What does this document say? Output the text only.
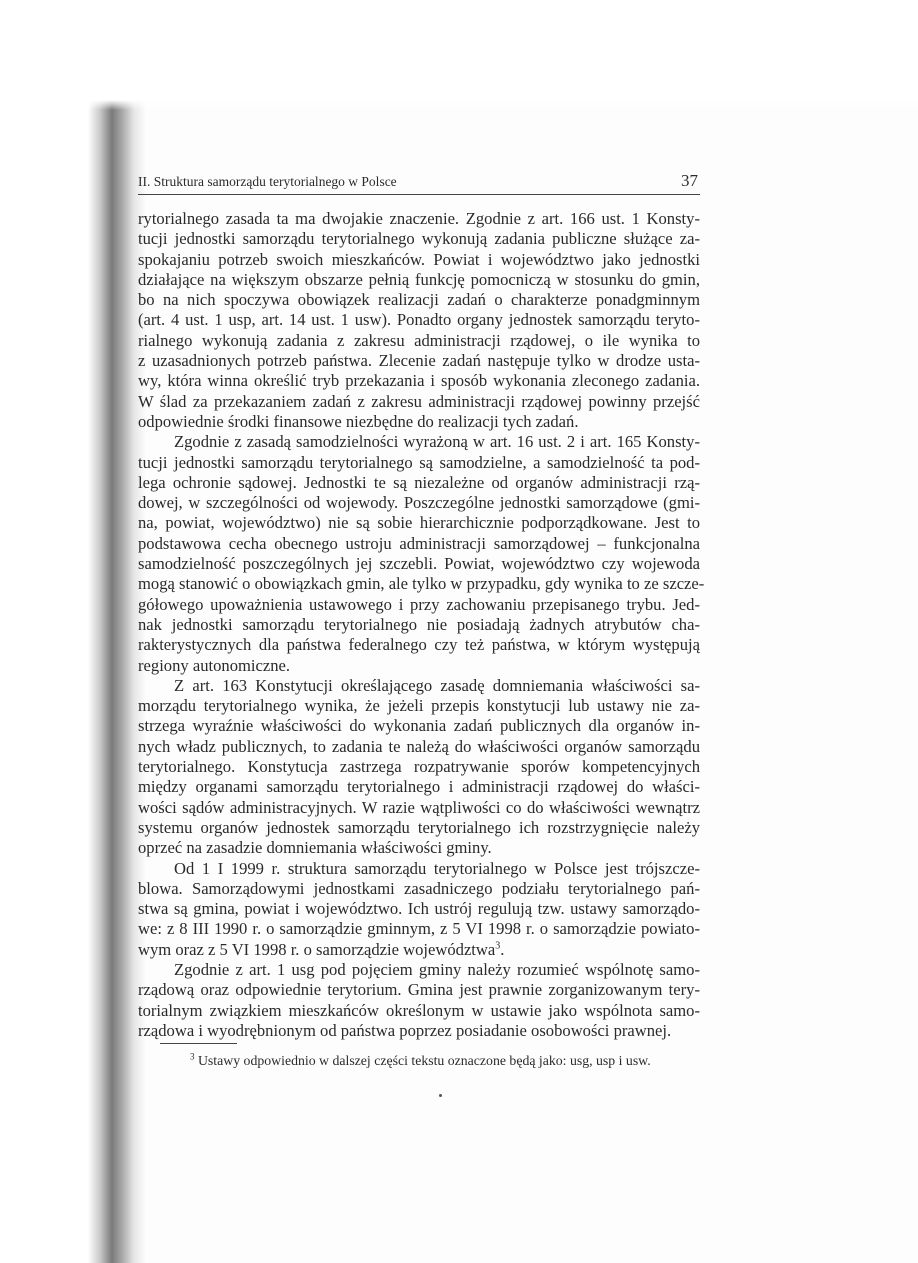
II. Struktura samorządu terytorialnego w Polsce	37
rytorialnego zasada ta ma dwojakie znaczenie. Zgodnie z art. 166 ust. 1 Konsty-
tucji jednostki samorządu terytorialnego wykonują zadania publiczne służące za-
spokajaniu potrzeb swoich mieszkańców. Powiat i województwo jako jednostki
działające na większym obszarze pełnią funkcję pomocniczą w stosunku do gmin,
bo na nich spoczywa obowiązek realizacji zadań o charakterze ponadgminnym
(art. 4 ust. 1 usp, art. 14 ust. 1 usw). Ponadto organy jednostek samorządu teryto-
rialnego wykonują zadania z zakresu administracji rządowej, o ile wynika to
z uzasadnionych potrzeb państwa. Zlecenie zadań następuje tylko w drodze usta-
wy, która winna określić tryb przekazania i sposób wykonania zleconego zadania.
W ślad za przekazaniem zadań z zakresu administracji rządowej powinny przejść
odpowiednie środki finansowe niezbędne do realizacji tych zadań.
Zgodnie z zasadą samodzielności wyrażoną w art. 16 ust. 2 i art. 165 Konsty-
tucji jednostki samorządu terytorialnego są samodzielne, a samodzielność ta pod-
lega ochronie sądowej. Jednostki te są niezależne od organów administracji rzą-
dowej, w szczególności od wojewody. Poszczególne jednostki samorządowe (gmi-
na, powiat, województwo) nie są sobie hierarchicznie podporządkowane. Jest to
podstawowa cecha obecnego ustroju administracji samorządowej – funkcjonalna
samodzielność poszczególnych jej szczebli. Powiat, województwo czy wojewoda
mogą stanowić o obowiązkach gmin, ale tylko w przypadku, gdy wynika to ze szcze-
gółowego upoważnienia ustawowego i przy zachowaniu przepisanego trybu. Jed-
nak jednostki samorządu terytorialnego nie posiadają żadnych atrybutów cha-
rakterystycznych dla państwa federalnego czy też państwa, w którym występują
regiony autonomiczne.
Z art. 163 Konstytucji określającego zasadę domniemania właściwości sa-
morządu terytorialnego wynika, że jeżeli przepis konstytucji lub ustawy nie za-
strzega wyraźnie właściwości do wykonania zadań publicznych dla organów in-
nych władz publicznych, to zadania te należą do właściwości organów samorządu
terytorialnego. Konstytucja zastrzega rozpatrywanie sporów kompetencyjnych
między organami samorządu terytorialnego i administracji rządowej do właści-
wości sądów administracyjnych. W razie wątpliwości co do właściwości wewnątrz
systemu organów jednostek samorządu terytorialnego ich rozstrzygnięcie należy
oprzeć na zasadzie domniemania właściwości gminy.
Od 1 I 1999 r. struktura samorządu terytorialnego w Polsce jest trójszcze-
blowa. Samorządowymi jednostkami zasadniczego podziału terytorialnego pań-
stwa są gmina, powiat i województwo. Ich ustrój regulują tzw. ustawy samorządo-
we: z 8 III 1990 r. o samorządzie gminnym, z 5 VI 1998 r. o samorządzie powiato-
wym oraz z 5 VI 1998 r. o samorządzie województwa$^3$.
Zgodnie z art. 1 usg pod pojęciem gminy należy rozumieć wspólnotę samo-
rządową oraz odpowiednie terytorium. Gmina jest prawnie zorganizowanym tery-
torialnym związkiem mieszkańców określonym w ustawie jako wspólnota samo-
rządowa i wyodrębnionym od państwa poprzez posiadanie osobowości prawnej.
$^3$ Ustawy odpowiednio w dalszej części tekstu oznaczone będą jako: usg, usp i usw.
